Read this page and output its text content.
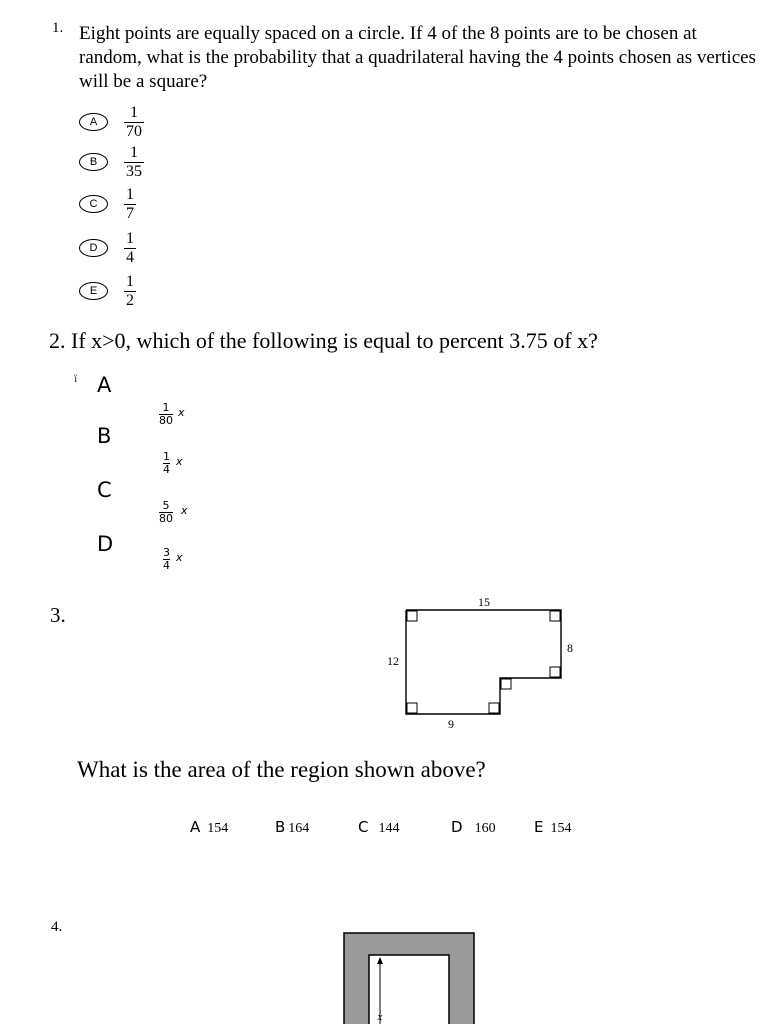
1. Eight points are equally spaced on a circle. If 4 of the 8 points are to be chosen at random, what is the probability that a quadrilateral having the 4 points chosen as vertices will be a square?
A	$\frac{1}{70}$
B	$\frac{1}{35}$
C	$\frac{1}{7}$
D	$\frac{1}{4}$
E	$\frac{1}{2}$
2. If x>0, which of the following is equal to percent 3.75 of x?
ï A
1
80
x
B
1
4
x
C
5
80
x
D	3
4
x
3.
15
12
8
9
What is the area of the region shown above?
A 154	B 164	C 144	D 160	E 154
4.
x
